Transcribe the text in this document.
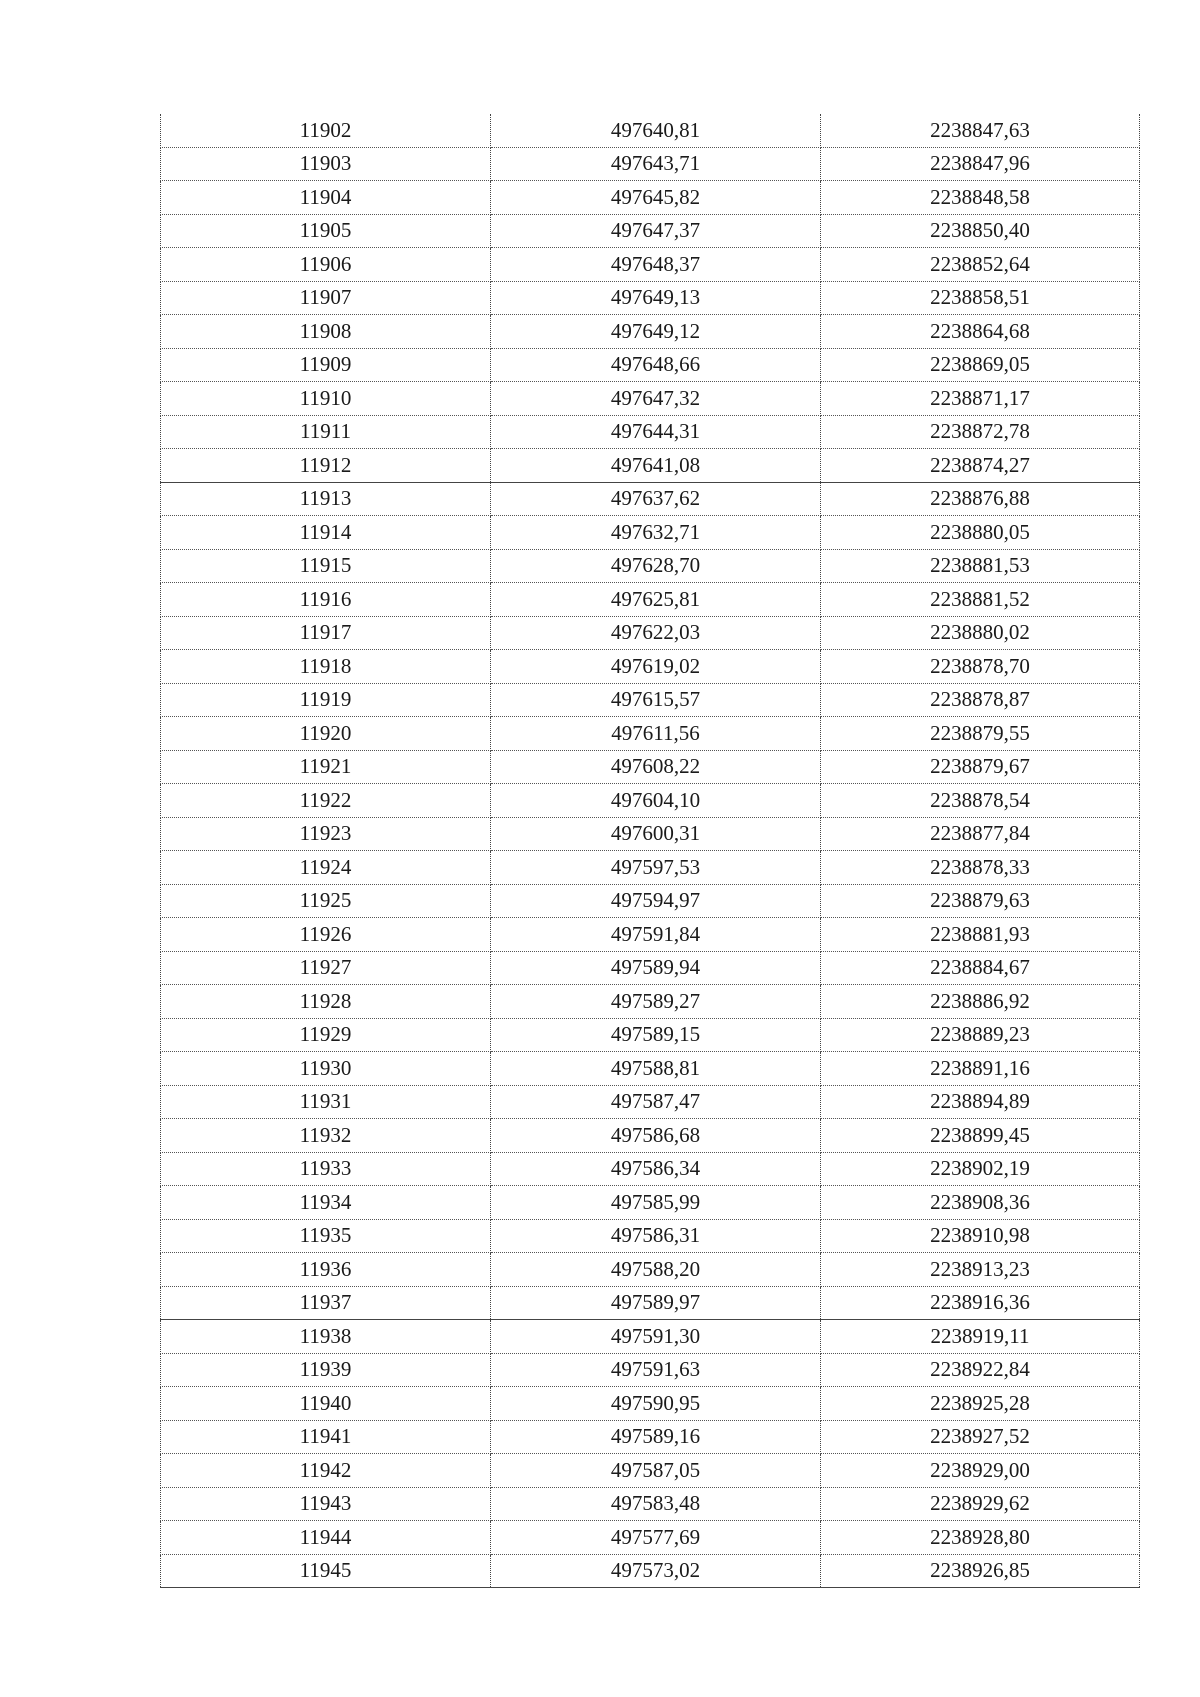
11902	497640,81	2238847,63
11903	497643,71	2238847,96
11904	497645,82	2238848,58
11905	497647,37	2238850,40
11906	497648,37	2238852,64
11907	497649,13	2238858,51
11908	497649,12	2238864,68
11909	497648,66	2238869,05
11910	497647,32	2238871,17
11911	497644,31	2238872,78
11912	497641,08	2238874,27
11913	497637,62	2238876,88
11914	497632,71	2238880,05
11915	497628,70	2238881,53
11916	497625,81	2238881,52
11917	497622,03	2238880,02
11918	497619,02	2238878,70
11919	497615,57	2238878,87
11920	497611,56	2238879,55
11921	497608,22	2238879,67
11922	497604,10	2238878,54
11923	497600,31	2238877,84
11924	497597,53	2238878,33
11925	497594,97	2238879,63
11926	497591,84	2238881,93
11927	497589,94	2238884,67
11928	497589,27	2238886,92
11929	497589,15	2238889,23
11930	497588,81	2238891,16
11931	497587,47	2238894,89
11932	497586,68	2238899,45
11933	497586,34	2238902,19
11934	497585,99	2238908,36
11935	497586,31	2238910,98
11936	497588,20	2238913,23
11937	497589,97	2238916,36
11938	497591,30	2238919,11
11939	497591,63	2238922,84
11940	497590,95	2238925,28
11941	497589,16	2238927,52
11942	497587,05	2238929,00
11943	497583,48	2238929,62
11944	497577,69	2238928,80
11945	497573,02	2238926,85
